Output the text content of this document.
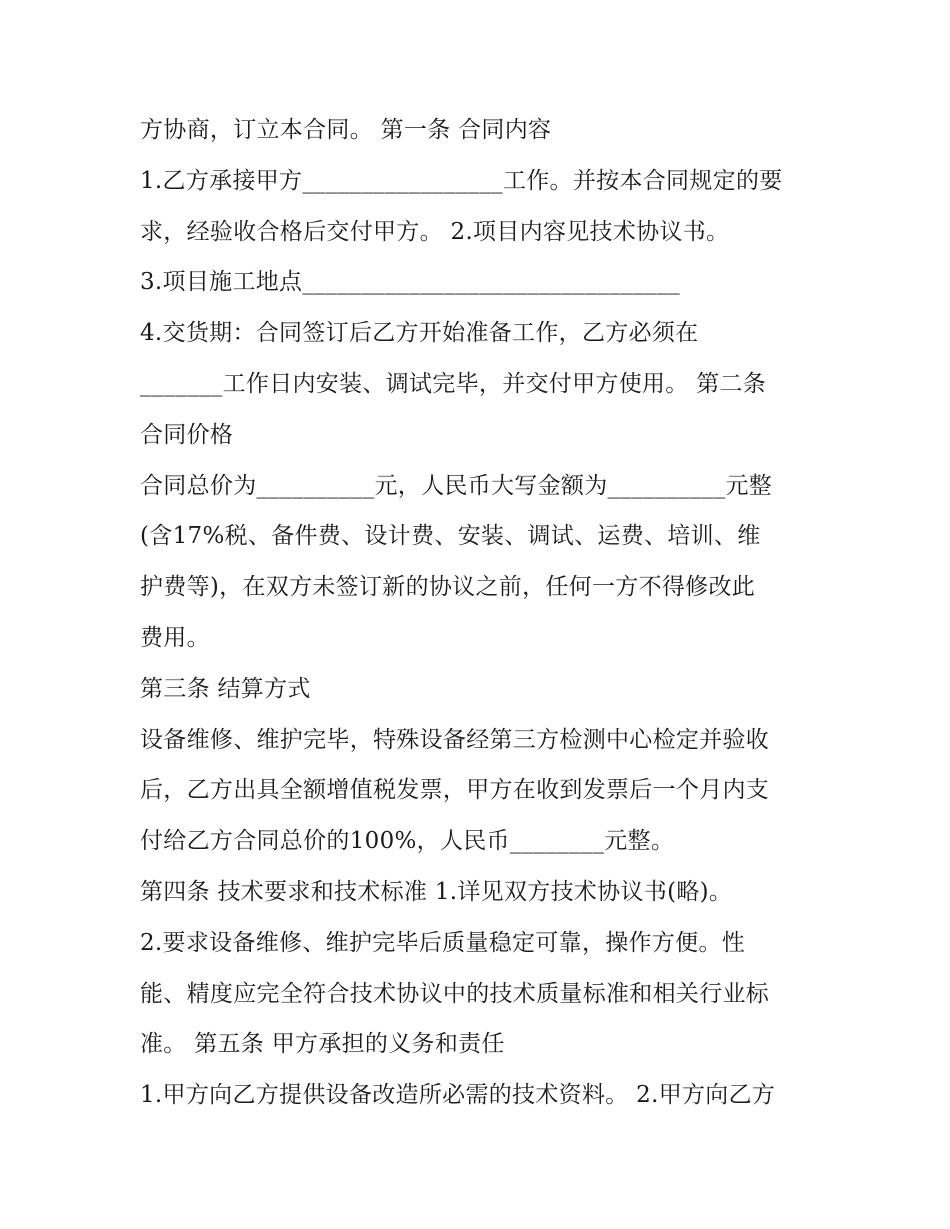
方协商，订立本合同。 第一条 合同内容
1.乙方承接甲方_________________工作。并按本合同规定的要
求，经验收合格后交付甲方。 2.项目内容见技术协议书。
3.项目施工地点________________________________
4.交货期：合同签订后乙方开始准备工作，乙方必须在
_______工作日内安装、调试完毕，并交付甲方使用。 第二条
合同价格
合同总价为__________元，人民币大写金额为__________元整
(含17%税、备件费、设计费、安装、调试、运费、培训、维
护费等)，在双方未签订新的协议之前，任何一方不得修改此
费用。
第三条 结算方式
设备维修、维护完毕，特殊设备经第三方检测中心检定并验收
后，乙方出具全额增值税发票，甲方在收到发票后一个月内支
付给乙方合同总价的100%，人民币________元整。
第四条 技术要求和技术标准 1.详见双方技术协议书(略)。
2.要求设备维修、维护完毕后质量稳定可靠，操作方便。性
能、精度应完全符合技术协议中的技术质量标准和相关行业标
准。 第五条 甲方承担的义务和责任
1.甲方向乙方提供设备改造所必需的技术资料。 2.甲方向乙方
